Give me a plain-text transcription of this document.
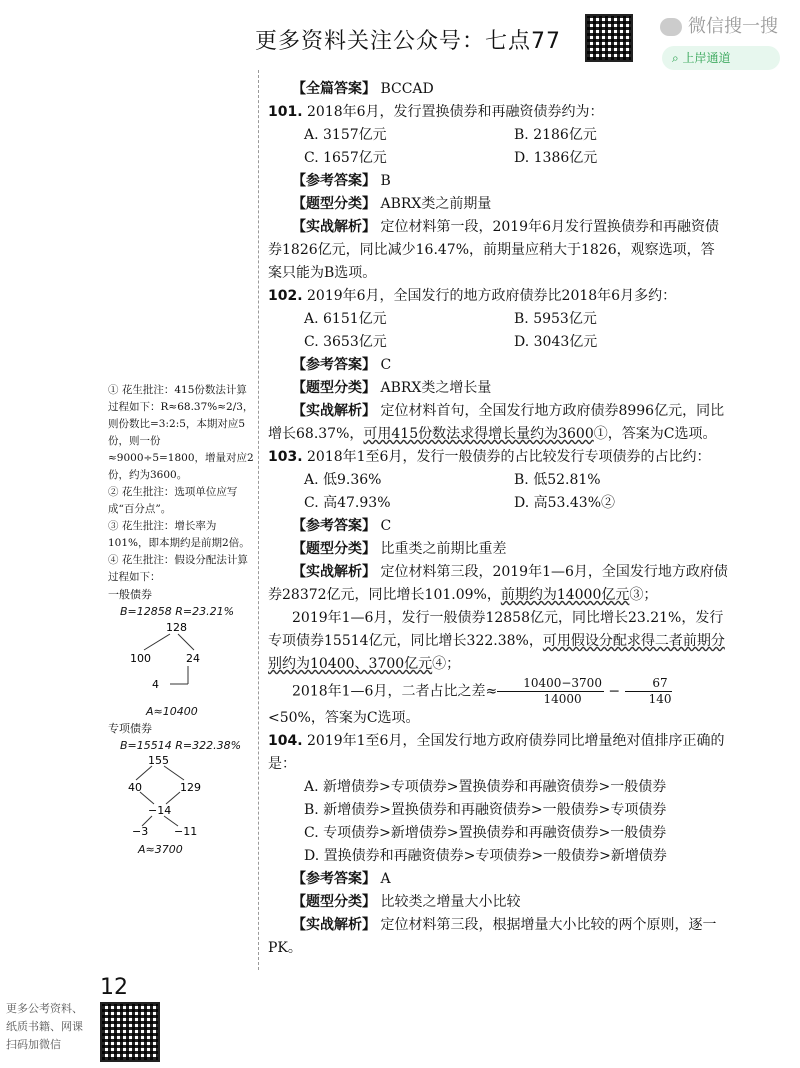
更多资料关注公众号：七点77
微信搜一搜
⌕ 上岸通道

【全篇答案】 BCCAD

101. 2018年6月，发行置换债券和再融资债券约为：

A. 3157亿元	B. 2186亿元
C. 1657亿元	D. 1386亿元

【参考答案】 B

【题型分类】 ABRX类之前期量

【实战解析】 定位材料第一段，2019年6月发行置换债券和再融资债券1826亿元，同比减少16.47%，前期量应稍大于1826，观察选项，答案只能为B选项。

102. 2019年6月，全国发行的地方政府债券比2018年6月多约：

A. 6151亿元	B. 5953亿元
C. 3653亿元	D. 3043亿元

【参考答案】 C

【题型分类】 ABRX类之增长量

【实战解析】 定位材料首句，全国发行地方政府债券8996亿元，同比增长68.37%，可用415份数法求得增长量约为3600①，答案为C选项。

103. 2018年1至6月，发行一般债券的占比较发行专项债券的占比约：

A. 低9.36%	B. 低52.81%
C. 高47.93%	D. 高53.43%②

【参考答案】 C

【题型分类】 比重类之前期比重差

【实战解析】 定位材料第三段，2019年1—6月，全国发行地方政府债券28372亿元，同比增长101.09%，前期约为14000亿元③；

2019年1—6月，发行一般债券12858亿元，同比增长23.21%，发行专项债券15514亿元，同比增长322.38%，可用假设分配求得二者前期分别约为10400、3700亿元④；

2018年1—6月，二者占比之差≈ $\frac{10400-3700}{14000} - \frac{67}{140}$
<50%，答案为C选项。

104. 2019年1至6月，全国发行地方政府债券同比增量绝对值排序正确的是：

A. 新增债券>专项债券>置换债券和再融资债券>一般债券

B. 新增债券>置换债券和再融资债券>一般债券>专项债券

C. 专项债券>新增债券>置换债券和再融资债券>一般债券

D. 置换债券和再融资债券>专项债券>一般债券>新增债券

【参考答案】 A

【题型分类】 比较类之增量大小比较

【实战解析】 定位材料第三段，根据增量大小比较的两个原则，逐一PK。

① 花生批注：415份数法计算过程如下：R≈68.37%≈2/3，则份数比=3:2:5，本期对应5份，则一份≈9000÷5=1800，增量对应2份，约为3600。

② 花生批注：选项单位应写成“百分点”。

③ 花生批注：增长率为101%，即本期约是前期2倍。

④ 花生批注：假设分配法计算过程如下：

一般债券

B=12858 R=23.21%

128
100	24
4

A≈10400

专项债券

B=15514 R=322.38%

155
40	129
−14
−3 −11

A≈3700

12
更多公考资料、
纸质书籍、网课
扫码加微信
